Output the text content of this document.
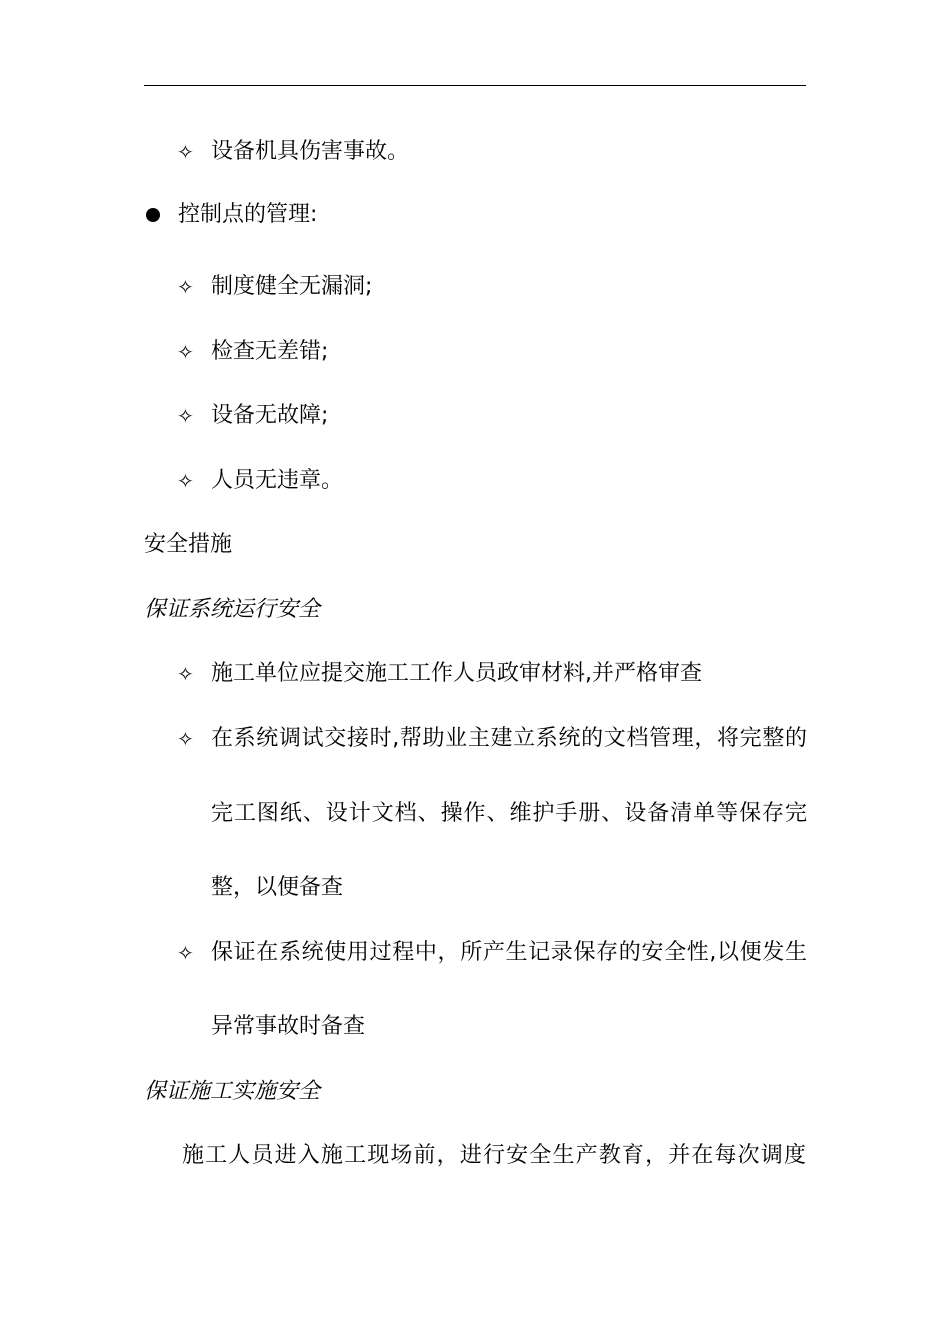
✧ 设备机具伤害事故。
控制点的管理:
✧ 制度健全无漏洞;
✧ 检查无差错;
✧ 设备无故障;
✧ 人员无违章。
安全措施
保证系统运行安全
✧ 施工单位应提交施工工作人员政审材料,并严格审查
✧ 在系统调试交接时,帮助业主建立系统的文档管理，将完整的
完工图纸、设计文档、操作、维护手册、设备清单等保存完
整，以便备查
✧ 保证在系统使用过程中，所产生记录保存的安全性,以便发生
异常事故时备查
保证施工实施安全
施工人员进入施工现场前，进行安全生产教育，并在每次调度
